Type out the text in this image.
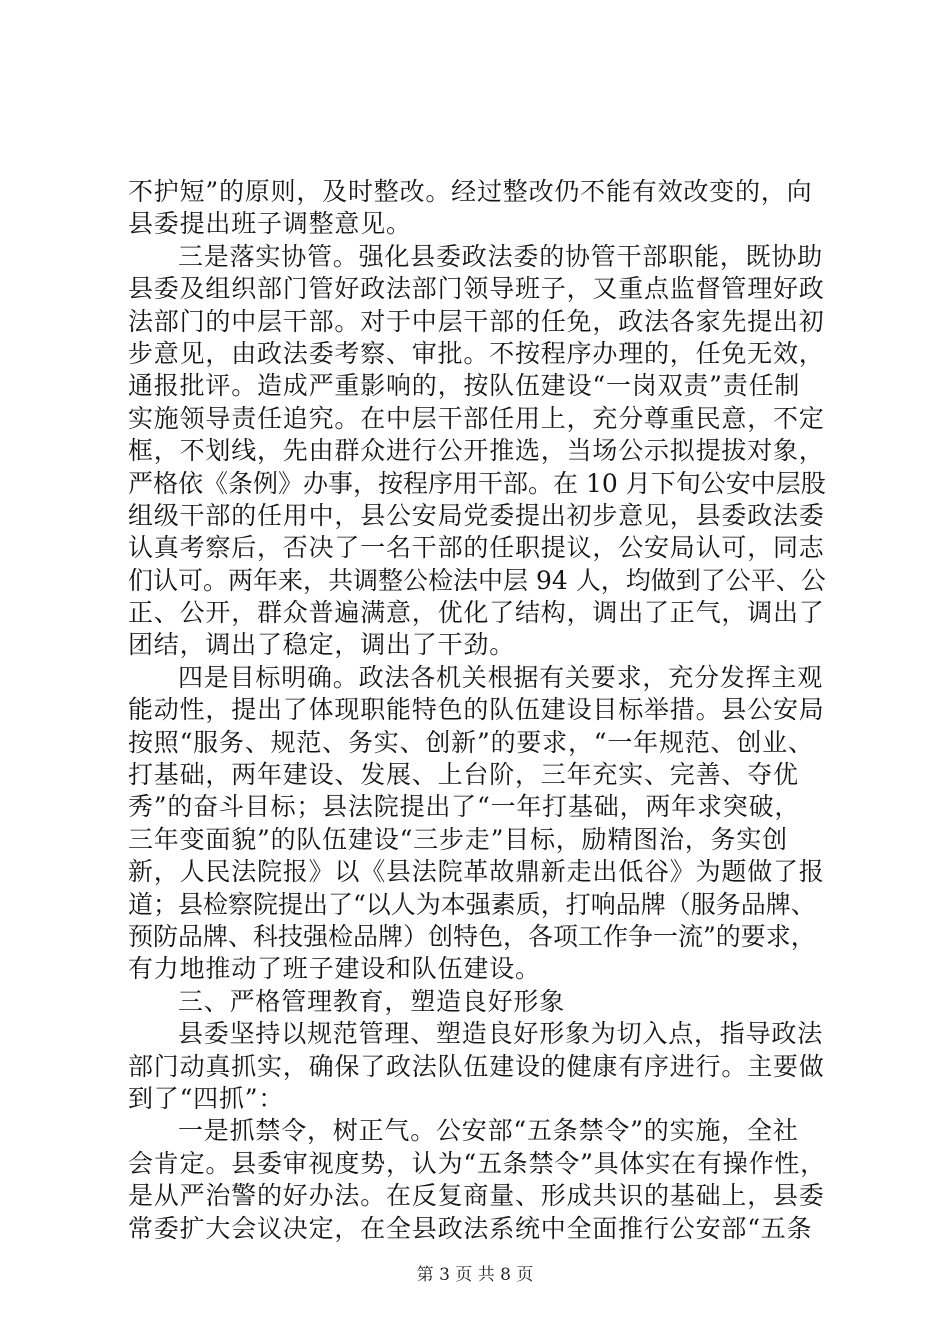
不护短”的原则，及时整改。经过整改仍不能有效改变的，向
县委提出班子调整意见。
三是落实协管。强化县委政法委的协管干部职能，既协助
县委及组织部门管好政法部门领导班子，又重点监督管理好政
法部门的中层干部。对于中层干部的任免，政法各家先提出初
步意见，由政法委考察、审批。不按程序办理的，任免无效，
通报批评。造成严重影响的，按队伍建设“一岗双责”责任制
实施领导责任追究。在中层干部任用上，充分尊重民意，不定
框，不划线，先由群众进行公开推选，当场公示拟提拔对象，
严格依《条例》办事，按程序用干部。在 10 月下旬公安中层股
组级干部的任用中，县公安局党委提出初步意见，县委政法委
认真考察后，否决了一名干部的任职提议，公安局认可，同志
们认可。两年来，共调整公检法中层 94 人，均做到了公平、公
正、公开，群众普遍满意，优化了结构，调出了正气，调出了
团结，调出了稳定，调出了干劲。
四是目标明确。政法各机关根据有关要求，充分发挥主观
能动性，提出了体现职能特色的队伍建设目标举措。县公安局
按照“服务、规范、务实、创新”的要求，“一年规范、创业、
打基础，两年建设、发展、上台阶，三年充实、完善、夺优
秀”的奋斗目标；县法院提出了“一年打基础，两年求突破，
三年变面貌”的队伍建设“三步走”目标，励精图治，务实创
新，人民法院报》以《县法院革故鼎新走出低谷》为题做了报
道；县检察院提出了“以人为本强素质，打响品牌（服务品牌、
预防品牌、科技强检品牌）创特色，各项工作争一流”的要求，
有力地推动了班子建设和队伍建设。
三、严格管理教育，塑造良好形象
县委坚持以规范管理、塑造良好形象为切入点，指导政法
部门动真抓实，确保了政法队伍建设的健康有序进行。主要做
到了“四抓”：
一是抓禁令，树正气。公安部“五条禁令”的实施，全社
会肯定。县委审视度势，认为“五条禁令”具体实在有操作性，
是从严治警的好办法。在反复商量、形成共识的基础上，县委
常委扩大会议决定，在全县政法系统中全面推行公安部“五条
第 3 页 共 8 页
